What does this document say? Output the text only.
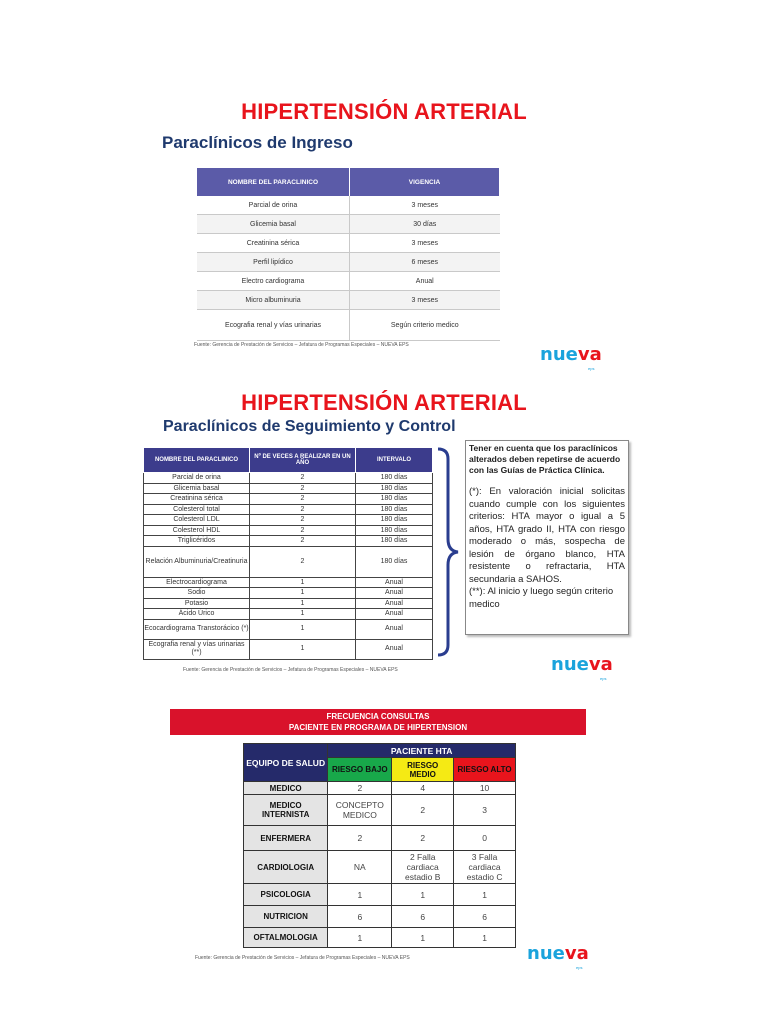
HIPERTENSIÓN ARTERIAL
Paraclínicos de Ingreso
NOMBRE DEL PARACLINICO	VIGENCIA
Parcial de orina	3 meses
Glicemia basal	30 días
Creatinina sérica	3 meses
Perfil lipídico	6 meses
Electro cardiograma	Anual
Micro albuminuria	3 meses
Ecografia renal y vías urinarias	Según criterio medico
Fuente: Gerencia de Prestación de Servicios – Jefatura de Programas Especiales – NUEVA EPS	nueva
eps
HIPERTENSIÓN ARTERIAL
Paraclínicos de Seguimiento y Control
NOMBRE DEL PARACLINICO	Nº DE VECES A REALIZAR EN UN AÑO	INTERVALO
Parcial de orina	2	180 días
Glicemia basal	2	180 días
Creatinina sérica	2	180 días
Colesterol total	2	180 días
Colesterol LDL	2	180 días
Colesterol HDL	2	180 días
Triglicéridos	2	180 días
Relación Albuminuria/Creatinuria	2	180 días
Electrocardiograma	1	Anual
Sodio	1	Anual
Potasio	1	Anual
Ácido Úrico	1	Anual
Ecocardiograma Transtorácico (*)	1	Anual
Ecografia renal y vías urinarias (**)	1	Anual
Tener en cuenta que los paraclínicos alterados deben repetirse de acuerdo con las Guías de Práctica Clínica.
(*): En valoración inicial solicitas cuando cumple con los siguientes criterios: HTA mayor o igual a 5 años, HTA grado II, HTA con riesgo moderado o más, sospecha de lesión de órgano blanco, HTA resistente o refractaria, HTA secundaria a SAHOS.
(**): Al inicio y luego según criterio medico
Fuente: Gerencia de Prestación de Servicios – Jefatura de Programas Especiales – NUEVA EPS	nueva
eps
FRECUENCIA CONSULTAS
PACIENTE EN PROGRAMA DE HIPERTENSION
EQUIPO DE SALUD	PACIENTE HTA		
	RIESGO BAJO	RIESGO MEDIO	RIESGO ALTO
MEDICO	2	4	10
MEDICO INTERNISTA	CONCEPTO MEDICO	2	3
ENFERMERA	2	2	0
CARDIOLOGIA	NA	2 Falla cardiaca estadio B	3 Falla cardiaca estadio C
PSICOLOGIA	1	1	1
NUTRICION	6	6	6
OFTALMOLOGIA	1	1	1
Fuente: Gerencia de Prestación de Servicios – Jefatura de Programas Especiales – NUEVA EPS	nueva
eps
